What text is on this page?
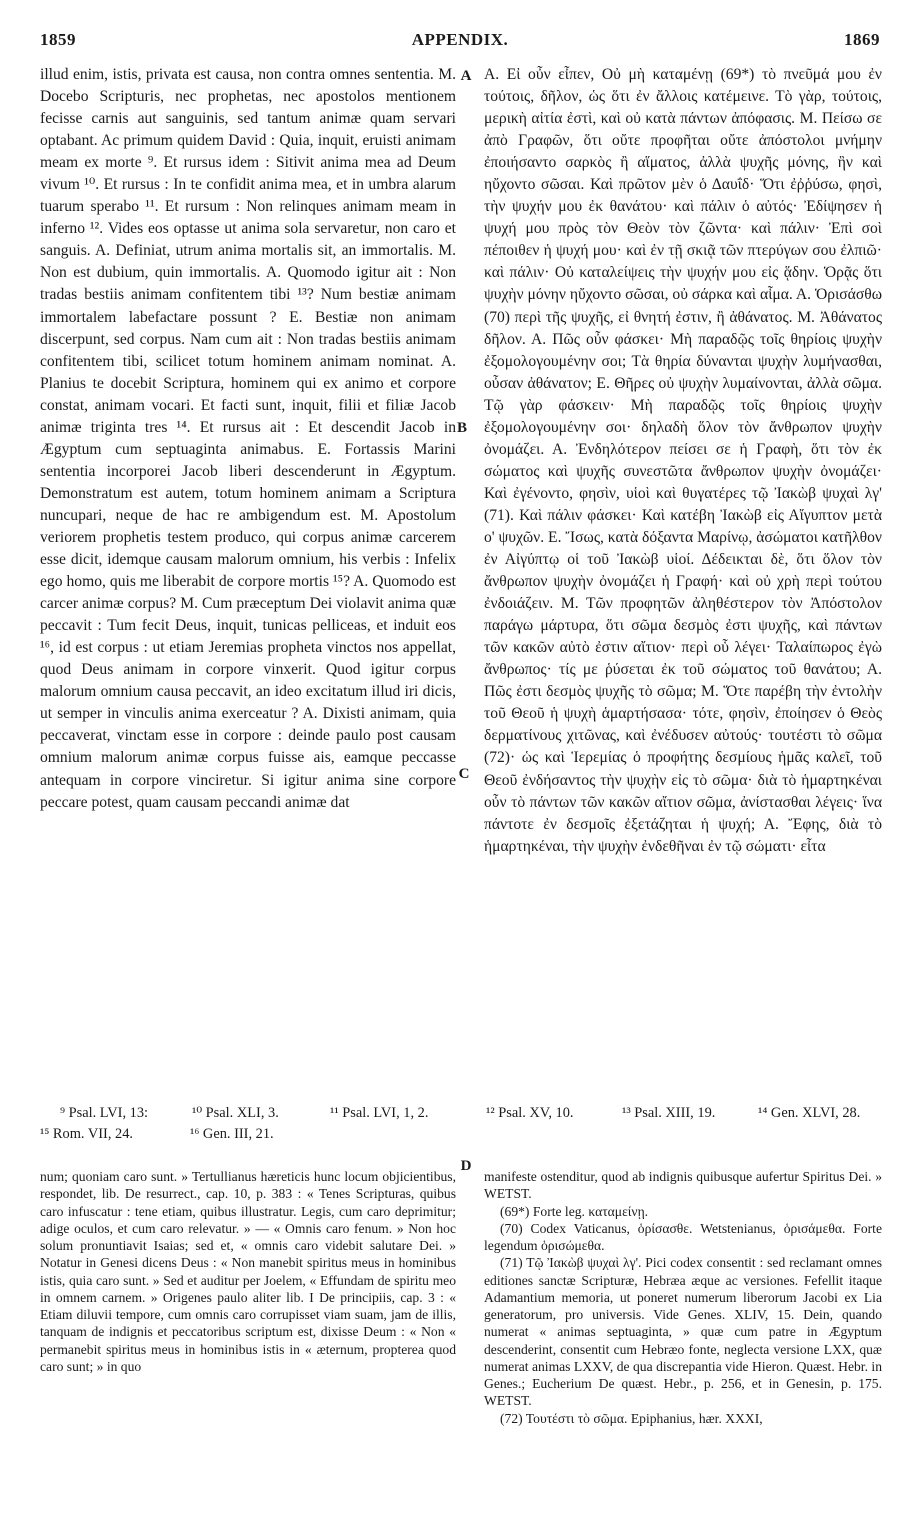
1859	APPENDIX.	1869

illud enim, istis, privata est causa, non contra omnes sententia. M. Docebo Scripturis, nec prophetas, nec apostolos mentionem fecisse carnis aut sanguinis, sed tantum animæ quam servari optabant. Ac primum quidem David : Quia, inquit, eruisti animam meam ex morte ⁹. Et rursus idem : Sitivit anima mea ad Deum vivum ¹⁰. Et rursus : In te confidit anima mea, et in umbra alarum tuarum sperabo ¹¹. Et rursum : Non relinques animam meam in inferno ¹². Vides eos optasse ut anima sola servaretur, non caro et sanguis. A. Definiat, utrum anima mortalis sit, an immortalis. M. Non est dubium, quin immortalis. A. Quomodo igitur ait : Non tradas bestiis animam confitentem tibi ¹³? Num bestiæ animam immortalem labefactare possunt ? E. Bestiæ non animam discerpunt, sed corpus. Nam cum ait : Non tradas bestiis animam confitentem tibi, scilicet totum hominem animam nominat. A. Planius te docebit Scriptura, hominem qui ex animo et corpore constat, animam vocari. Et facti sunt, inquit, filii et filiæ Jacob animæ triginta tres ¹⁴. Et rursus ait : Et descendit Jacob in Ægyptum cum septuaginta animabus. E. Fortassis Marini sententia incorporei Jacob liberi descenderunt in Ægyptum. Demonstratum est autem, totum hominem animam a Scriptura nuncupari, neque de hac re ambigendum est. M. Apostolum veriorem prophetis testem produco, qui corpus animæ carcerem esse dicit, idemque causam malorum omnium, his verbis : Infelix ego homo, quis me liberabit de corpore mortis ¹⁵? A. Quomodo est carcer animæ corpus? M. Cum præceptum Dei violavit anima quæ peccavit : Tum fecit Deus, inquit, tunicas pelliceas, et induit eos ¹⁶, id est corpus : ut etiam Jeremias propheta vinctos nos appellat, quod Deus animam in corpore vinxerit. Quod igitur corpus malorum omnium causa peccavit, an ideo excitatum illud iri dicis, ut semper in vinculis anima exerceatur ? A. Dixisti animam, quia peccaverat, vinctam esse in corpore : deinde paulo post causam omnium malorum animæ corpus fuisse ais, eamque peccasse antequam in corpore vinciretur. Si igitur anima sine corpore peccare potest, quam causam peccandi animæ dat

A
B
C
D

A. Εἰ οὖν εἶπεν, Οὐ μὴ καταμένῃ (69*) τὸ πνεῦμά μου ἐν τούτοις, δῆλον, ὡς ὅτι ἐν ἄλλοις κατέμεινε. Τὸ γὰρ, τούτοις, μερικὴ αἰτία ἐστὶ, καὶ οὐ κατὰ πάντων ἀπόφασις. Μ. Πείσω σε ἀπὸ Γραφῶν, ὅτι οὔτε προφῆται οὔτε ἀπόστολοι μνήμην ἐποιήσαντο σαρκὸς ἢ αἵματος, ἀλλὰ ψυχῆς μόνης, ἣν καὶ ηὔχοντο σῶσαι. Καὶ πρῶτον μὲν ὁ Δαυΐδ· Ὅτι ἐῤῥύσω, φησὶ, τὴν ψυχήν μου ἐκ θανάτου· καὶ πάλιν ὁ αὐτός· Ἐδίψησεν ἡ ψυχή μου πρὸς τὸν Θεὸν τὸν ζῶντα· καὶ πάλιν· Ἐπὶ σοὶ πέποιθεν ἡ ψυχή μου· καὶ ἐν τῇ σκιᾷ τῶν πτερύγων σου ἐλπιῶ· καὶ πάλιν· Οὐ καταλείψεις τὴν ψυχήν μου εἰς ᾅδην. Ὁρᾷς ὅτι ψυχὴν μόνην ηὔχοντο σῶσαι, οὐ σάρκα καὶ αἷμα. Α. Ὁρισάσθω (70) περὶ τῆς ψυχῆς, εἰ θνητή ἐστιν, ἢ ἀθάνατος. Μ. Ἀθάνατος δῆλον. Α. Πῶς οὖν φάσκει· Μὴ παραδῷς τοῖς θηρίοις ψυχὴν ἐξομολογουμένην σοι; Τὰ θηρία δύνανται ψυχὴν λυμήνασθαι, οὖσαν ἀθάνατον; Ε. Θῆρες οὐ ψυχὴν λυμαίνονται, ἀλλὰ σῶμα. Τῷ γὰρ φάσκειν· Μὴ παραδῷς τοῖς θηρίοις ψυχὴν ἐξομολογουμένην σοι· δηλαδὴ ὅλον τὸν ἄνθρωπον ψυχὴν ὀνομάζει. Α. Ἐνδηλότερον πείσει σε ἡ Γραφὴ, ὅτι τὸν ἐκ σώματος καὶ ψυχῆς συνεστῶτα ἄνθρωπον ψυχὴν ὀνομάζει· Καὶ ἐγένοντο, φησὶν, υἱοὶ καὶ θυγατέρες τῷ Ἰακὼβ ψυχαὶ λγ' (71). Καὶ πάλιν φάσκει· Καὶ κατέβη Ἰακὼβ εἰς Αἴγυπτον μετὰ ο' ψυχῶν. Ε. Ἴσως, κατὰ δόξαντα Μαρίνῳ, ἀσώματοι κατῆλθον ἐν Αἰγύπτῳ οἱ τοῦ Ἰακὼβ υἱοί. Δέδεικται δὲ, ὅτι ὅλον τὸν ἄνθρωπον ψυχὴν ὀνομάζει ἡ Γραφή· καὶ οὐ χρὴ περὶ τούτου ἐνδοιάζειν. Μ. Τῶν προφητῶν ἀληθέστερον τὸν Ἀπόστολον παράγω μάρτυρα, ὅτι σῶμα δεσμὸς ἐστι ψυχῆς, καὶ πάντων τῶν κακῶν αὐτὸ ἐστιν αἴτιον· περὶ οὗ λέγει· Ταλαίπωρος ἐγὼ ἄνθρωπος· τίς με ῥύσεται ἐκ τοῦ σώματος τοῦ θανάτου; Α. Πῶς ἐστι δεσμὸς ψυχῆς τὸ σῶμα; Μ. Ὅτε παρέβη τὴν ἐντολὴν τοῦ Θεοῦ ἡ ψυχὴ ἁμαρτήσασα· τότε, φησὶν, ἐποίησεν ὁ Θεὸς δερματίνους χιτῶνας, καὶ ἐνέδυσεν αὐτούς· τουτέστι τὸ σῶμα (72)· ὡς καὶ Ἱερεμίας ὁ προφήτης δεσμίους ἡμᾶς καλεῖ, τοῦ Θεοῦ ἐνδήσαντος τὴν ψυχὴν εἰς τὸ σῶμα· διὰ τὸ ἡμαρτηκέναι οὖν τὸ πάντων τῶν κακῶν αἴτιον σῶμα, ἀνίστασθαι λέγεις· ἵνα πάντοτε ἐν δεσμοῖς ἐξετάζηται ἡ ψυχή; Α. Ἔφης, διὰ τὸ ἡμαρτηκέναι, τὴν ψυχὴν ἐνδεθῆναι ἐν τῷ σώματι· εἶτα

⁹ Psal. LVI, 13:	¹⁰ Psal. XLI, 3.	¹¹ Psal. LVI, 1, 2.	¹² Psal. XV, 10.	¹³ Psal. XIII, 19.	¹⁴ Gen. XLVI, 28.
¹⁵ Rom. VII, 24.	¹⁶ Gen. III, 21.

num; quoniam caro sunt. » Tertullianus hæreticis hunc locum objicientibus, respondet, lib. De resurrect., cap. 10, p. 383 : « Tenes Scripturas, quibus caro infuscatur : tene etiam, quibus illustratur. Legis, cum caro deprimitur; adige oculos, et cum caro relevatur. » — « Omnis caro fenum. » Non hoc solum pronuntiavit Isaias; sed et, « omnis caro videbit salutare Dei. » Notatur in Genesi dicens Deus : « Non manebit spiritus meus in hominibus istis, quia caro sunt. » Sed et auditur per Joelem, « Effundam de spiritu meo in omnem carnem. » Origenes paulo aliter lib. I De principiis, cap. 3 : « Etiam diluvii tempore, cum omnis caro corrupisset viam suam, jam de illis, tanquam de indignis et peccatoribus scriptum est, dixisse Deum : « Non « permanebit spiritus meus in hominibus istis in « æternum, propterea quod caro sunt; » in quo

manifeste ostenditur, quod ab indignis quibusque aufertur Spiritus Dei. » WETST.

(69*) Forte leg. καταμείνῃ.

(70) Codex Vaticanus, ὁρίσασθε. Wetstenianus, ὁρισάμεθα. Forte legendum ὁρισώμεθα.

(71) Τῷ Ἰακὼβ ψυχαὶ λγ'. Pici codex consentit : sed reclamant omnes editiones sanctæ Scripturæ, Hebræa æque ac versiones. Fefellit itaque Adamantium memoria, ut poneret numerum liberorum Jacobi ex Lia generatorum, pro universis. Vide Genes. XLIV, 15. Dein, quando numerat « animas septuaginta, » quæ cum patre in Ægyptum descenderint, consentit cum Hebræo fonte, neglecta versione LXX, quæ numerat animas LXXV, de qua discrepantia vide Hieron. Quæst. Hebr. in Genes.; Eucherium De quæst. Hebr., p. 256, et in Genesin, p. 175. WETST.

(72) Τουτέστι τὸ σῶμα. Epiphanius, hær. XXXI,
